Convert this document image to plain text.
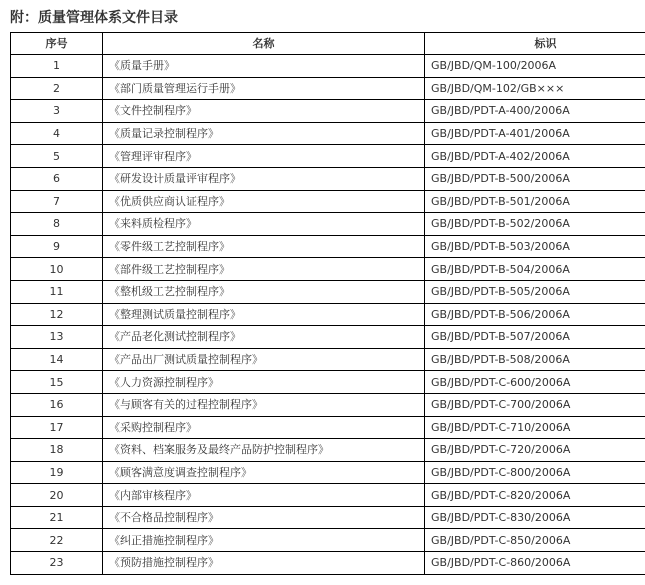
附：质量管理体系文件目录
序号	名称	标识
1	《质量手册》	GB/JBD/QM-100/2006A
2	《部门质量管理运行手册》	GB/JBD/QM-102/GB×××
3	《文件控制程序》	GB/JBD/PDT-A-400/2006A
4	《质量记录控制程序》	GB/JBD/PDT-A-401/2006A
5	《管理评审程序》	GB/JBD/PDT-A-402/2006A
6	《研发设计质量评审程序》	GB/JBD/PDT-B-500/2006A
7	《优质供应商认证程序》	GB/JBD/PDT-B-501/2006A
8	《来料质检程序》	GB/JBD/PDT-B-502/2006A
9	《零件级工艺控制程序》	GB/JBD/PDT-B-503/2006A
10	《部件级工艺控制程序》	GB/JBD/PDT-B-504/2006A
11	《整机级工艺控制程序》	GB/JBD/PDT-B-505/2006A
12	《整理测试质量控制程序》	GB/JBD/PDT-B-506/2006A
13	《产品老化测试控制程序》	GB/JBD/PDT-B-507/2006A
14	《产品出厂测试质量控制程序》	GB/JBD/PDT-B-508/2006A
15	《人力资源控制程序》	GB/JBD/PDT-C-600/2006A
16	《与顾客有关的过程控制程序》	GB/JBD/PDT-C-700/2006A
17	《采购控制程序》	GB/JBD/PDT-C-710/2006A
18	《资料、档案服务及最终产品防护控制程序》	GB/JBD/PDT-C-720/2006A
19	《顾客满意度调查控制程序》	GB/JBD/PDT-C-800/2006A
20	《内部审核程序》	GB/JBD/PDT-C-820/2006A
21	《不合格品控制程序》	GB/JBD/PDT-C-830/2006A
22	《纠正措施控制程序》	GB/JBD/PDT-C-850/2006A
23	《预防措施控制程序》	GB/JBD/PDT-C-860/2006A
